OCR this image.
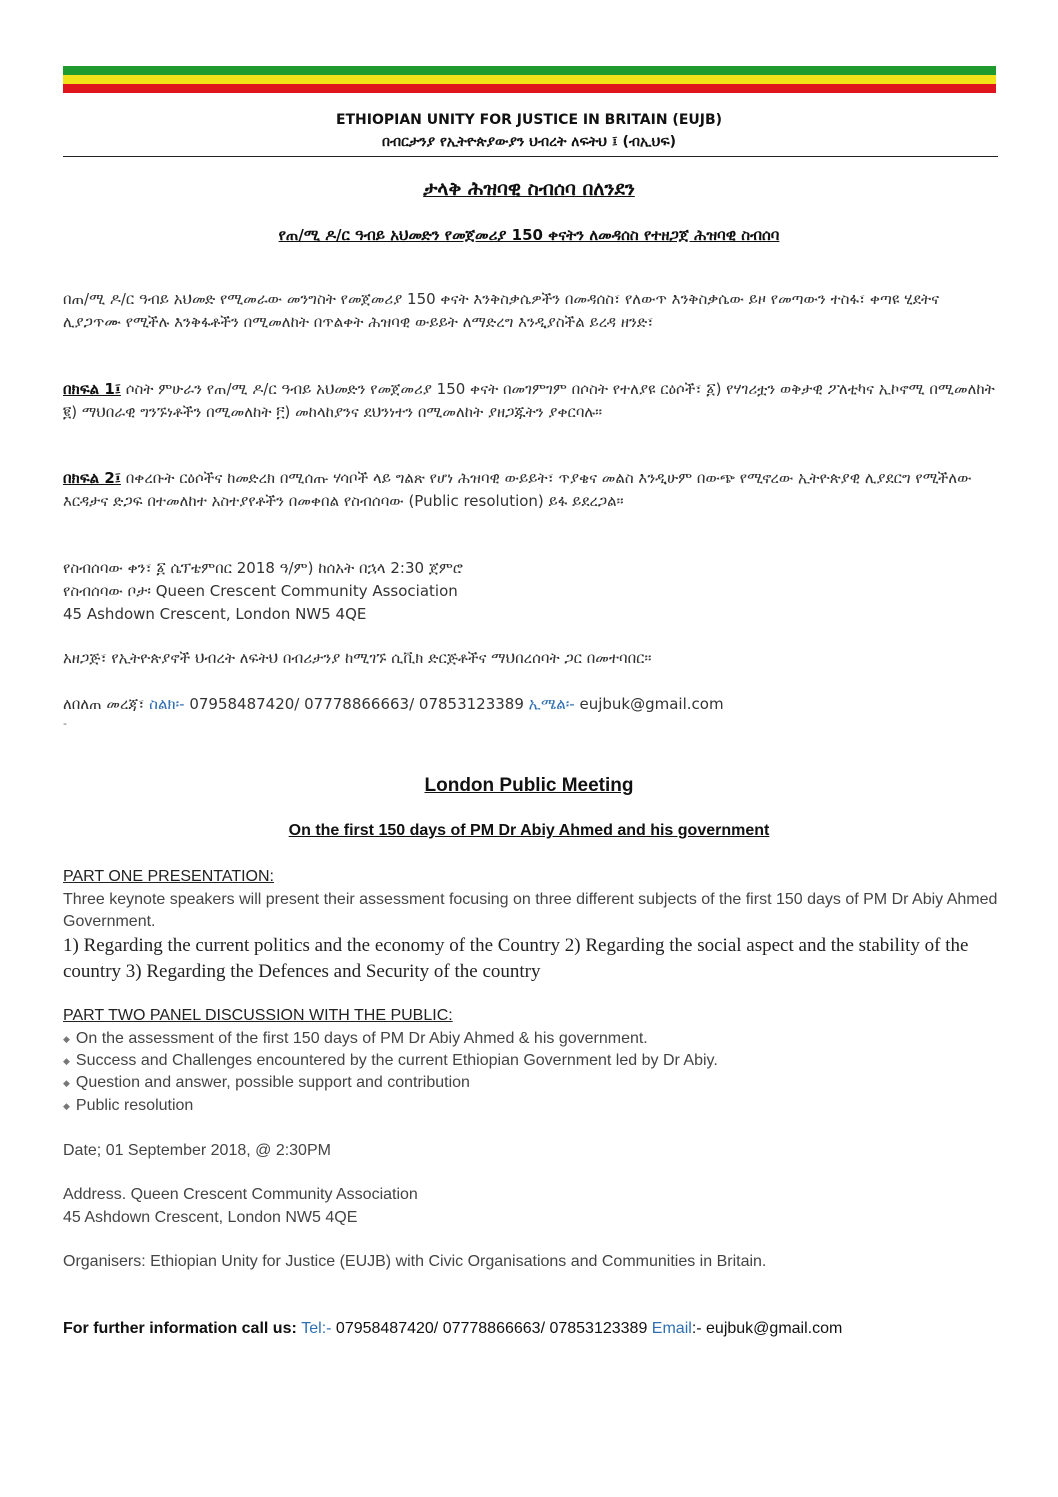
ETHIOPIAN UNITY FOR JUSTICE IN BRITAIN (EUJB)
በብርታንያ የኢትዮጵያውያን ህብረት ለፍትህ ፤ (ብኢህፍ)
ታላቅ ሕዝባዊ ስብሰባ በለንደን
የጠ/ሚ ዶ/ር ዓብይ አህመድን የመጀመሪያ 150 ቀናትን ለመዳሰስ የተዘጋጀ ሕዝባዊ ስብሰባ
በጠ/ሚ ዶ/ር ዓብይ አህመድ የሚመራው መንግስት የመጀመሪያ 150 ቀናት እንቅስቃሴዎችን በመዳሰስ፣ የለውጥ እንቅስቃሴው ይዞ የመጣውን ተስፋ፣ ቀጣዩ ሂደትና ሊያጋጥሙ የሚችሉ እንቅፋቶችን በሚመለከት በጥልቀት ሕዝባዊ ውይይት ለማድረግ እንዲያስችል ይረዳ ዘንድ፣
በክፍል 1፤ ሶስት ምሁራን የጠ/ሚ ዶ/ር ዓብይ አህመድን የመጀመሪያ 150 ቀናት በመገምገም በሶስት የተለያዩ ርዕሶች፣ ፩) የሃገሪቷን ወቅታዊ ፖለቲካና ኢኮኖሚ በሚመለከት ፪) ማህበራዊ ግንኙነቶችን በሚመለከት ፫) መከላከያንና ደህንነተን በሚመለከት ያዘጋጁትን ያቀርባሉ።
በክፍል 2፤ በቀረቡት ርዕሶችና ከመድረክ በሚሰጡ ሃሳቦች ላይ ግልጽ የሆነ ሕዝባዊ ውይይት፣ ጥያቄና መልስ እንዲሁም በውጭ የሚኖረው ኢትዮጵያዊ ሊያደርግ የሚችለው እርዳታና ድጋፍ በተመለከተ አስተያየቶችን በመቀበል የስብሰባው (Public resolution) ይፋ ይደረጋል።
የስብሰባው ቀን፣ ፩ ሴፕቴምበር 2018 ዓ/ም) ከሰአት በኋላ 2:30 ጀምሮ
የስብሰባው ቦታ፡ Queen Crescent Community Association
45 Ashdown Crescent, London NW5 4QE
አዘጋጅ፣ የኢትዮጵያኖች ህብረት ለፍትህ በብሪታንያ ከሚገኙ ሲቪክ ድርጅቶችና ማህበረሰባት ጋር በመተባበር።
ለበለጠ መረጃ፣ ስልክ፡- 07958487420/ 07778866663/ 07853123389 ኢሜል፡- eujbuk@gmail.com
-
London Public Meeting
On the first 150 days of PM Dr Abiy Ahmed and his government
PART ONE PRESENTATION:
Three keynote speakers will present their assessment focusing on three different subjects of the first 150 days of PM Dr Abiy Ahmed Government.
1) Regarding the current politics and the economy of the Country 2) Regarding the social aspect and the stability of the country 3) Regarding the Defences and Security of the country
PART TWO PANEL DISCUSSION WITH THE PUBLIC:
◆ On the assessment of the first 150 days of PM Dr Abiy Ahmed & his government.
◆ Success and Challenges encountered by the current Ethiopian Government led by Dr Abiy.
◆ Question and answer, possible support and contribution
◆ Public resolution
Date; 01 September 2018, @ 2:30PM
Address. Queen Crescent Community Association
45 Ashdown Crescent, London NW5 4QE
Organisers: Ethiopian Unity for Justice (EUJB) with Civic Organisations and Communities in Britain.
For further information call us: Tel:- 07958487420/ 07778866663/ 07853123389 Email:- eujbuk@gmail.com
